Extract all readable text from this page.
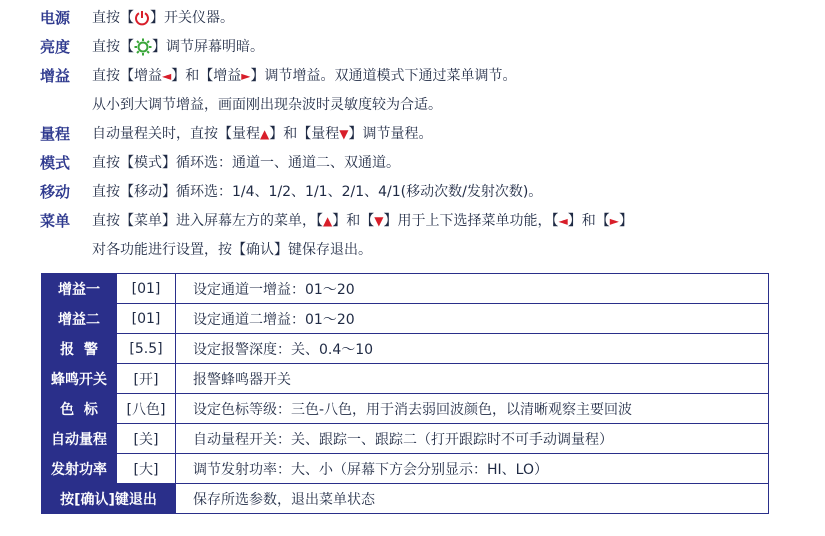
电源	直按【 】开关仪器。
亮度	直按【 】调节屏幕明暗。
增益	直按【增益◄】和【增益►】调节增益。双通道模式下通过菜单调节。
从小到大调节增益，画面刚出现杂波时灵敏度较为合适。
量程	自动量程关时，直按【量程▲】和【量程▼】调节量程。
模式	直按【模式】循环选：通道一、通道二、双通道。
移动	直按【移动】循环选：1/4、1/2、1/1、2/1、4/1(移动次数/发射次数)。
菜单	直按【菜单】进入屏幕左方的菜单，【▲】和【▼】用于上下选择菜单功能，【◄】和【►】
对各功能进行设置，按【确认】键保存退出。
增益一	[01]	设定通道一增益：01～20
增益二	[01]	设定通道二增益：01～20
报  警	[5.5]	设定报警深度：关、0.4～10
蜂鸣开关	[开]	报警蜂鸣器开关
色  标	[八色]	设定色标等级：三色-八色，用于消去弱回波颜色，以清晰观察主要回波
自动量程	[关]	自动量程开关：关、跟踪一、跟踪二（打开跟踪时不可手动调量程）
发射功率	[大]	调节发射功率：大、小（屏幕下方会分别显示：HI、LO）
按[确认]键退出		保存所选参数，退出菜单状态
